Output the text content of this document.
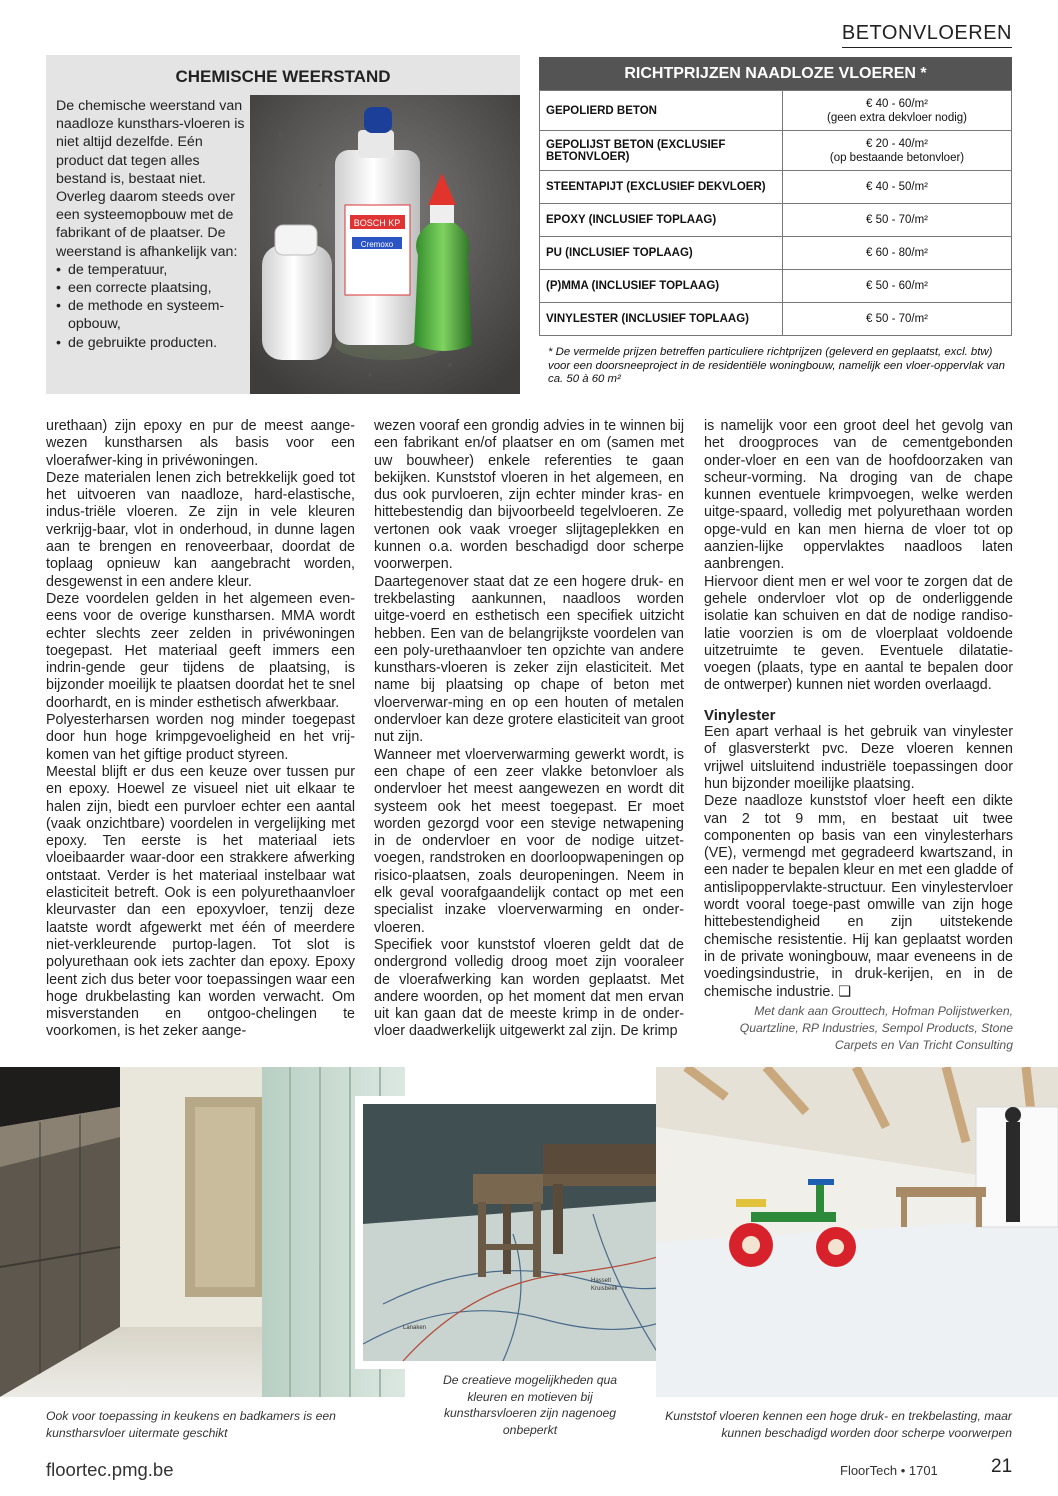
BETONVLOEREN
CHEMISCHE WEERSTAND

De chemische weerstand van naadloze kunsthars-vloeren is niet altijd dezelfde. Eén product dat tegen alles bestand is, bestaat niet. Overleg daarom steeds over een systeemopbouw met de fabrikant of de plaatser. De weerstand is afhankelijk van:

• de temperatuur,
• een correcte plaatsing,
• de methode en systeem-opbouw,
• de gebruikte producten.
BOSCH KP
Cremoxo
RICHTPRIJZEN NAADLOZE VLOEREN *
GEPOLIERD BETON	€ 40 - 60/m²
(geen extra dekvloer nodig)
GEPOLIJST BETON (EXCLUSIEF BETONVLOER)	€ 20 - 40/m²
(op bestaande betonvloer)
STEENTAPIJT (EXCLUSIEF DEKVLOER)	€ 40 - 50/m²
EPOXY (INCLUSIEF TOPLAAG)	€ 50 - 70/m²
PU (INCLUSIEF TOPLAAG)	€ 60 - 80/m²
(P)MMA (INCLUSIEF TOPLAAG)	€ 50 - 60/m²
VINYLESTER (INCLUSIEF TOPLAAG)	€ 50 - 70/m²
* De vermelde prijzen betreffen particuliere richtprijzen (geleverd en geplaatst, excl. btw) voor een doorsneeproject in de residentiële woningbouw, namelijk een vloer-oppervlak van ca. 50 à 60 m²

urethaan) zijn epoxy en pur de meest aange-wezen kunstharsen als basis voor een vloerafwer-king in privéwoningen.

Deze materialen lenen zich betrekkelijk goed tot het uitvoeren van naadloze, hard-elastische, indus-triële vloeren. Ze zijn in vele kleuren verkrijg-baar, vlot in onderhoud, in dunne lagen aan te brengen en renoveerbaar, doordat de toplaag opnieuw kan aangebracht worden, desgewenst in een andere kleur.

Deze voordelen gelden in het algemeen even-eens voor de overige kunstharsen. MMA wordt echter slechts zeer zelden in privéwoningen toegepast. Het materiaal geeft immers een indrin-gende geur tijdens de plaatsing, is bijzonder moeilijk te plaatsen doordat het te snel doorhardt, en is minder esthetisch afwerkbaar.

Polyesterharsen worden nog minder toegepast door hun hoge krimpgevoeligheid en het vrij-komen van het giftige product styreen.

Meestal blijft er dus een keuze over tussen pur en epoxy. Hoewel ze visueel niet uit elkaar te halen zijn, biedt een purvloer echter een aantal (vaak onzichtbare) voordelen in vergelijking met epoxy. Ten eerste is het materiaal iets vloeibaarder waar-door een strakkere afwerking ontstaat. Verder is het materiaal instelbaar wat elasticiteit betreft. Ook is een polyurethaanvloer kleurvaster dan een epoxyvloer, tenzij deze laatste wordt afgewerkt met één of meerdere niet-verkleurende purtop-lagen. Tot slot is polyurethaan ook iets zachter dan epoxy. Epoxy leent zich dus beter voor toepassingen waar een hoge drukbelasting kan worden verwacht. Om misverstanden en ontgoo-chelingen te voorkomen, is het zeker aange-

wezen vooraf een grondig advies in te winnen bij een fabrikant en/of plaatser en om (samen met uw bouwheer) enkele referenties te gaan bekijken. Kunststof vloeren in het algemeen, en dus ook purvloeren, zijn echter minder kras- en hittebestendig dan bijvoorbeeld tegelvloeren. Ze vertonen ook vaak vroeger slijtageplekken en kunnen o.a. worden beschadigd door scherpe voorwerpen.

Daartegenover staat dat ze een hogere druk- en trekbelasting aankunnen, naadloos worden uitge-voerd en esthetisch een specifiek uitzicht hebben. Een van de belangrijkste voordelen van een poly-urethaanvloer ten opzichte van andere kunsthars-vloeren is zeker zijn elasticiteit. Met name bij plaatsing op chape of beton met vloerverwar-ming en op een houten of metalen ondervloer kan deze grotere elasticiteit van groot nut zijn.

Wanneer met vloerverwarming gewerkt wordt, is een chape of een zeer vlakke betonvloer als ondervloer het meest aangewezen en wordt dit systeem ook het meest toegepast. Er moet worden gezorgd voor een stevige netwapening in de ondervloer en voor de nodige uitzet-voegen, randstroken en doorloopwapeningen op risico-plaatsen, zoals deuropeningen. Neem in elk geval voorafgaandelijk contact op met een specialist inzake vloerverwarming en onder-vloeren.

Specifiek voor kunststof vloeren geldt dat de ondergrond volledig droog moet zijn vooraleer de vloerafwerking kan worden geplaatst. Met andere woorden, op het moment dat men ervan uit kan gaan dat de meeste krimp in de onder-vloer daadwerkelijk uitgewerkt zal zijn. De krimp

is namelijk voor een groot deel het gevolg van het droogproces van de cementgebonden onder-vloer en een van de hoofdoorzaken van scheur-vorming. Na droging van de chape kunnen eventuele krimpvoegen, welke werden uitge-spaard, volledig met polyurethaan worden opge-vuld en kan men hierna de vloer tot op aanzien-lijke oppervlaktes naadloos laten aanbrengen.

Hiervoor dient men er wel voor te zorgen dat de gehele ondervloer vlot op de onderliggende isolatie kan schuiven en dat de nodige randiso-latie voorzien is om de vloerplaat voldoende uitzetruimte te geven. Eventuele dilatatie-voegen (plaats, type en aantal te bepalen door de ontwerper) kunnen niet worden overlaagd.

Vinylester

Een apart verhaal is het gebruik van vinylester of glasversterkt pvc. Deze vloeren kennen vrijwel uitsluitend industriële toepassingen door hun bijzonder moeilijke plaatsing.

Deze naadloze kunststof vloer heeft een dikte van 2 tot 9 mm, en bestaat uit twee componenten op basis van een vinylesterhars (VE), vermengd met gegradeerd kwartszand, in een nader te bepalen kleur en met een gladde of antislipoppervlakte-structuur. Een vinylestervloer wordt vooral toege-past omwille van zijn hoge hittebestendigheid en zijn uitstekende chemische resistentie. Hij kan geplaatst worden in de private woningbouw, maar eveneens in de voedingsindustrie, in druk-kerijen, en in de chemische industrie. ❑

Met dank aan Grouttech, Hofman Polijstwerken, Quartzline, RP Industries, Sempol Products, Stone Carpets en Van Tricht Consulting

Hasselt
Kruisbeek
Lanaken
Ook voor toepassing in keukens en badkamers is een kunstharsvloer uitermate geschikt
De creatieve mogelijkheden qua kleuren en motieven bij kunstharsvloeren zijn nagenoeg onbeperkt
Kunststof vloeren kennen een hoge druk- en trekbelasting, maar kunnen beschadigd worden door scherpe voorwerpen
floortec.pmg.be	FloorTech • 1701	21
